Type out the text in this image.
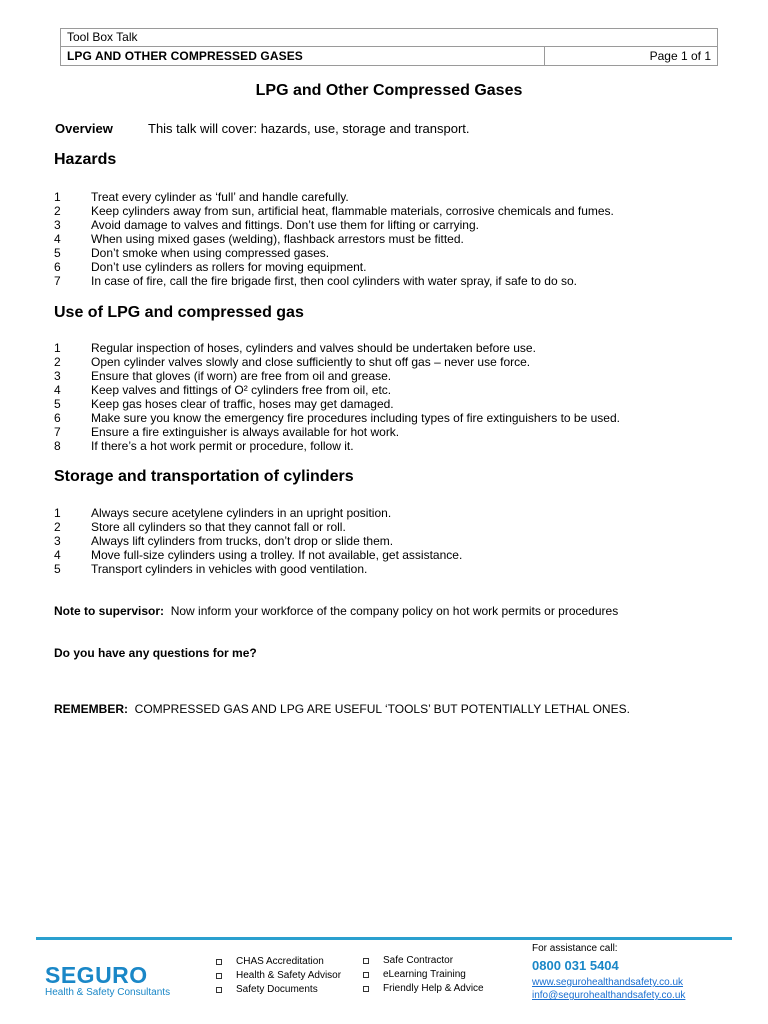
Tool Box Talk
LPG AND OTHER COMPRESSED GASES	Page 1 of 1
LPG and Other Compressed Gases
Overview	This talk will cover: hazards, use, storage and transport.
Hazards
1	Treat every cylinder as ‘full’ and handle carefully.
2	Keep cylinders away from sun, artificial heat, flammable materials, corrosive chemicals and fumes.
3	Avoid damage to valves and fittings. Don’t use them for lifting or carrying.
4	When using mixed gases (welding), flashback arrestors must be fitted.
5	Don’t smoke when using compressed gases.
6	Don’t use cylinders as rollers for moving equipment.
7	In case of fire, call the fire brigade first, then cool cylinders with water spray, if safe to do so.
Use of LPG and compressed gas
1	Regular inspection of hoses, cylinders and valves should be undertaken before use.
2	Open cylinder valves slowly and close sufficiently to shut off gas – never use force.
3	Ensure that gloves (if worn) are free from oil and grease.
4	Keep valves and fittings of O² cylinders free from oil, etc.
5	Keep gas hoses clear of traffic, hoses may get damaged.
6	Make sure you know the emergency fire procedures including types of fire extinguishers to be used.
7	Ensure a fire extinguisher is always available for hot work.
8	If there’s a hot work permit or procedure, follow it.
Storage and transportation of cylinders
1	Always secure acetylene cylinders in an upright position.
2	Store all cylinders so that they cannot fall or roll.
3	Always lift cylinders from trucks, don’t drop or slide them.
4	Move full-size cylinders using a trolley. If not available, get assistance.
5	Transport cylinders in vehicles with good ventilation.
Note to supervisor: Now inform your workforce of the company policy on hot work permits or procedures
Do you have any questions for me?
REMEMBER: COMPRESSED GAS AND LPG ARE USEFUL ‘TOOLS’ BUT POTENTIALLY LETHAL ONES.
SEGURO
Health & Safety Consultants
CHAS Accreditation
Health & Safety Advisor
Safety Documents
Safe Contractor
eLearning Training
Friendly Help & Advice
For assistance call:
0800 031 5404
www.segurohealthandsafety.co.uk
info@segurohealthandsafety.co.uk
